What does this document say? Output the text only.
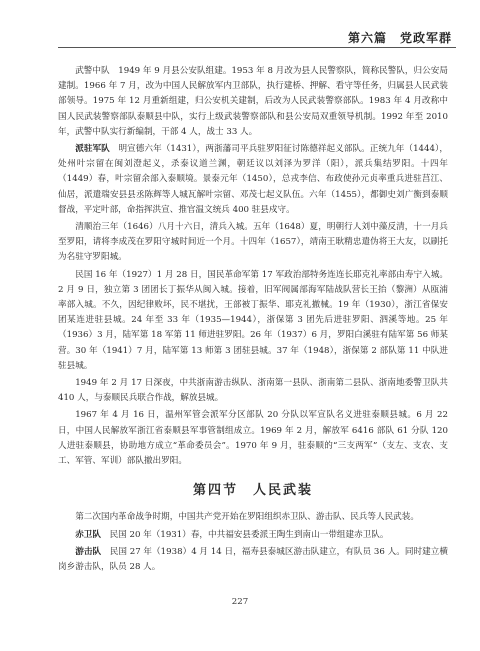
第六篇　党政军群

武警中队　1949 年 9 月县公安队组建。1953 年 8 月改为县人民警察队，简称民警队，归公安局建制。1966 年 7 月，改为中国人民解放军内卫部队，执行建桥、押解、看守等任务，归属县人民武装部领导。1975 年 12 月重新组建，归公安机关建制，后改为人民武装警察部队。1983 年 4 月改称中国人民武装警察部队泰顺县中队，实行上级武装警察部队和县公安局双重领导机制。1992 年至 2010 年，武警中队实行新编制，干部 4 人，战士 33 人。

派驻军队　明宣德六年（1431），两浙藩司平兵驻罗阳征讨陈德祥起义部队。正统九年（1444），处州叶宗留在闽刘澄起义，杀泰议道兰渊，朝廷议以刘泽为罗洋（阳），派兵集结罗阳。十四年（1449）春，叶宗留余部入泰顺境。景泰元年（1450），总戎李信、布政使孙元贞率重兵进驻莒江、仙居，派遣瑞安县县丞陈辉等人城瓦解叶宗留、邓茂七起义队伍。六年（1455），都御史刘广衡到泰顺督战，平定叶部，命指挥洪宣、推官温文统兵 400 驻县戍守。

清顺治三年（1646）八月十六日，清兵入城。五年（1648）夏，明朝行人刘中藻反清，十一月兵至罗阳，请将李成茂在罗阳守城时间近一个月。十四年（1657），靖南王耿精忠遣伪将王大友，以刷托为名驻守罗阳城。

民国 16 年（1927）1 月 28 日，国民革命军第 17 军政治部特务连连长耶克礼率部由寿宁入城。2 月 9 日，独立第 3 团团长丁振华从闽入城。接着，旧军阀属部海军陆战队营长王抬（黎洲）从瓯浦率部入城。不久，因纪律败坏，民不堪扰，王部被丁振华、耶克礼撤械。19 年（1930），浙江省保安团某连进驻县城。24 年至 33 年（1935—1944），浙保第 3 团先后进驻罗阳、泗溪等地。25 年（1936）3 月，陆军第 18 军第 11 师进驻罗阳。26 年（1937）6 月，罗阳白溪驻有陆军第 56 师某营。30 年（1941）7 月，陆军第 13 师第 3 团驻县城。37 年（1948），浙保第 2 部队第 11 中队进驻县城。

1949 年 2 月 17 日深夜，中共浙南游击纵队、浙南第一县队、浙南第二县队、浙南地委警卫队共 410 人，与泰顺民兵联合作战，解放县城。

1967 年 4 月 16 日，温州军管会派军分区部队 20 分队以军宣队名义进驻泰顺县城。6 月 22 日，中国人民解放军浙江省泰顺县军事管制组成立。1969 年 2 月，解放军 6416 部队 61 分队 120 人进驻泰顺县，协助地方成立“革命委员会”。1970 年 9 月，驻泰顺的“三支两军”（支左、支农、支工、军管、军训）部队撤出罗阳。

第四节　人民武装

第二次国内革命战争时期，中国共产党开始在罗阳组织赤卫队、游击队、民兵等人民武装。

赤卫队　民国 20 年（1931）春，中共福安县委派王陶生到南山一带组建赤卫队。

游击队　民国 27 年（1938）4 月 14 日，福寿县泰城区游击队建立，有队员 36 人。同时建立横岗乡游击队，队员 28 人。

227
